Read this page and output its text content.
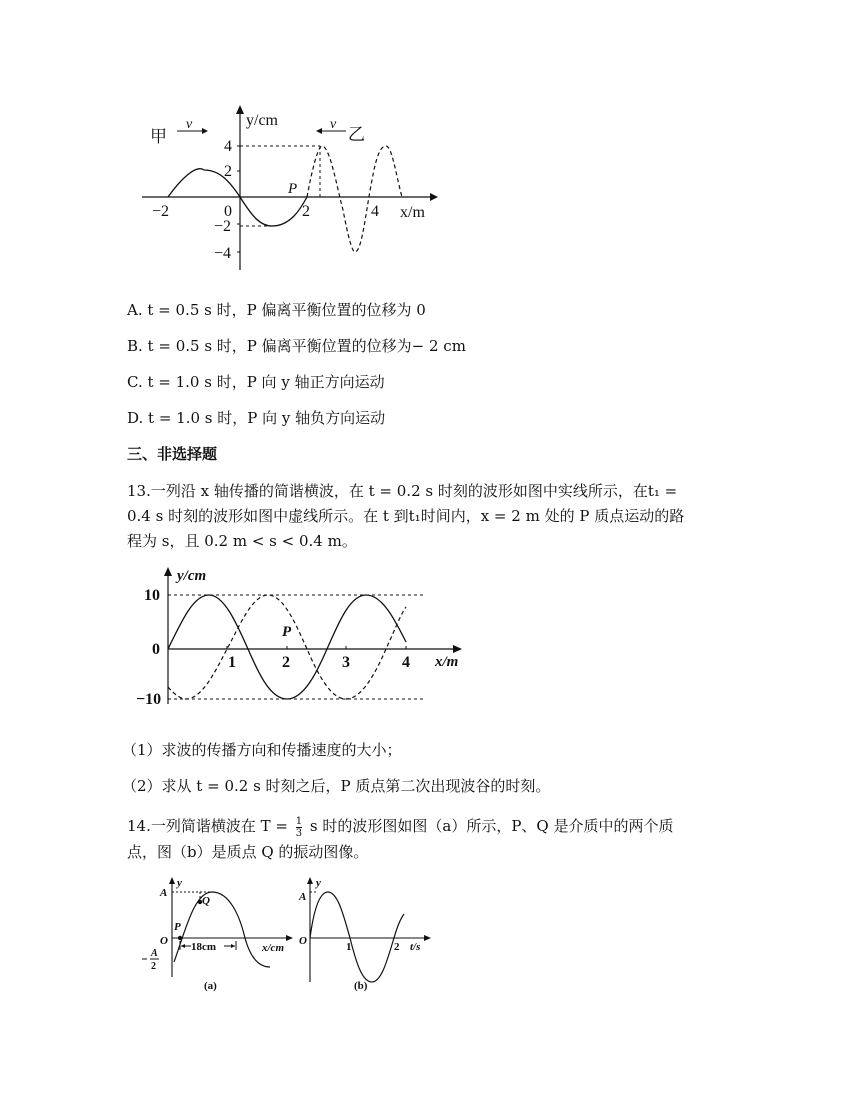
甲
v	v
乙
y/cm
x/m
P
−2	0	2	4
4
2
−2
−4
A. t = 0.5 s 时，P 偏离平衡位置的位移为 0
B. t = 0.5 s 时，P 偏离平衡位置的位移为− 2 cm
C. t = 1.0 s 时，P 向 y 轴正方向运动
D. t = 1.0 s 时，P 向 y 轴负方向运动
三、非选择题
13.一列沿 x 轴传播的简谐横波，在 t = 0.2 s 时刻的波形如图中实线所示，在t₁ =
0.4 s 时刻的波形如图中虚线所示。在 t 到t₁时间内，x = 2 m 处的 P 质点运动的路
程为 s，且 0.2 m < s < 0.4 m。
y/cm
x/m
10
0
−10
1	2	3	4
P
（1）求波的传播方向和传播速度的大小；
（2）求从 t = 0.2 s 时刻之后，P 质点第二次出现波谷的时刻。
14.一列简谐横波在 $T = \frac{1}{3}$ s 时的波形图如图（a）所示，P、Q 是介质中的两个质
点，图（b）是质点 Q 的振动图像。
18cm
y
x/cm
A
O
P
Q
A
2
(a)
y
t/s
A
O	1	2
(b)
